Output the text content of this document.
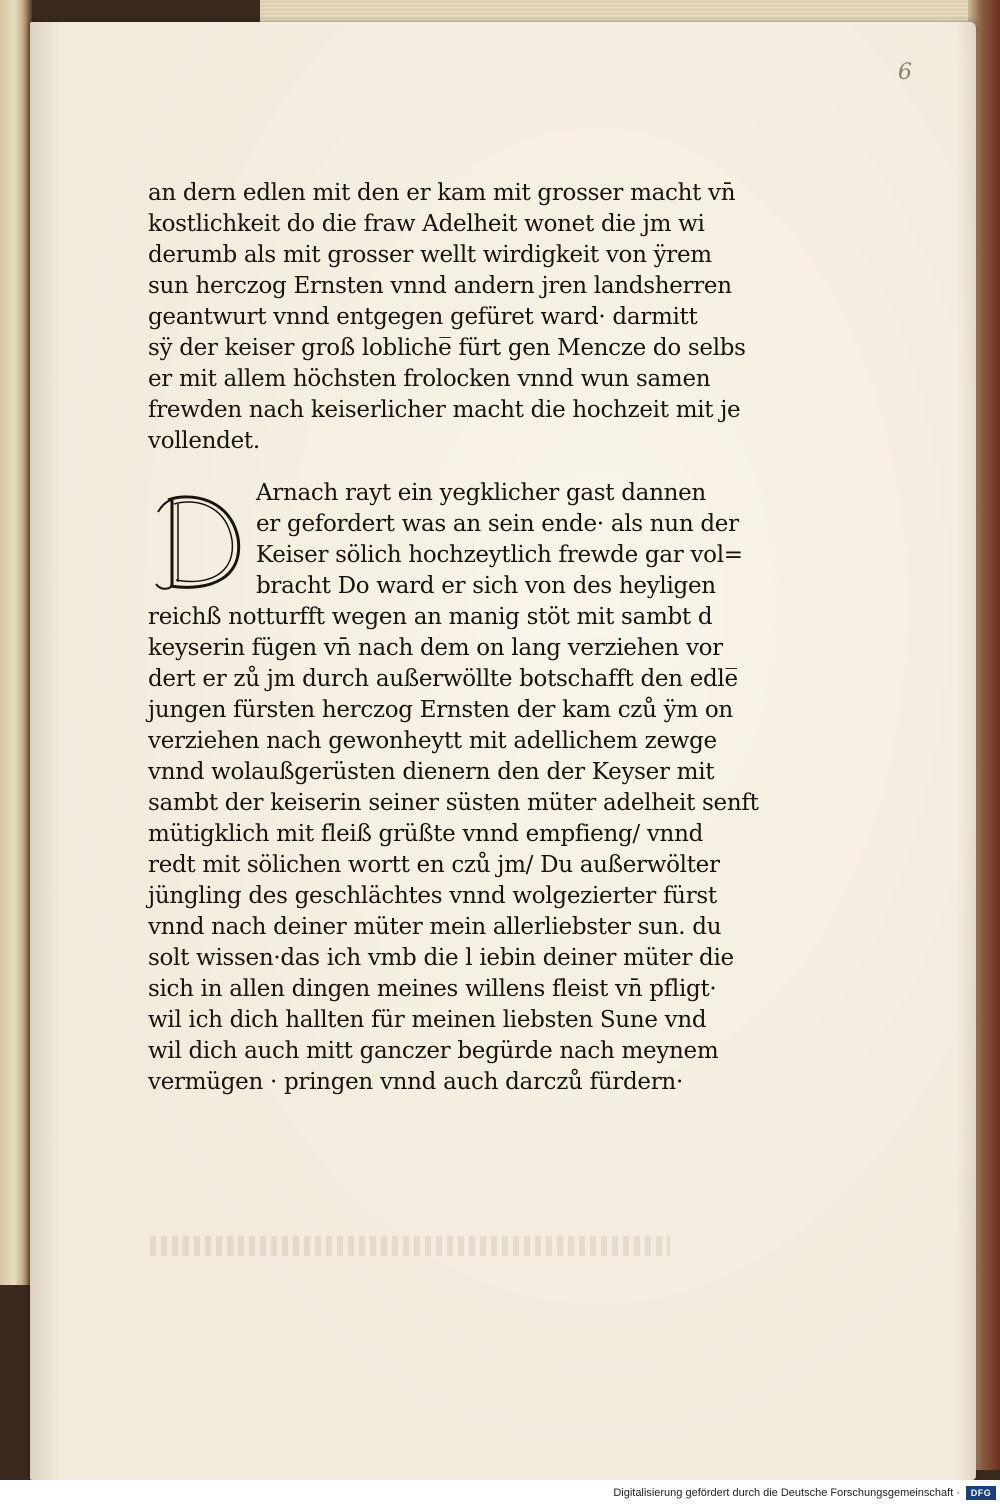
6
an dern edlen mit den er kam mit grosser macht vn̄
kostlichkeit do die fraw Adelheit wonet die jm wi
derumb als mit grosser wellt wirdigkeit von ÿrem
sun herczog Ernsten vnnd andern jren landsherren
geantwurt vnnd entgegen gefüret ward· darmitt
sÿ der keiser groß lobliche̅ fürt gen Mencze do selbs
er mit allem höchsten frolocken vnnd wun samen
frewden nach keiserlicher macht die hochzeit mit je
vollendet.
Arnach rayt ein yegklicher gast dannen
er gefordert was an sein ende· als nun der
Keiser sölich hochzeytlich frewde gar vol=
bracht Do ward er sich von des heyligen
reichß notturfft wegen an manig stöt mit sambt d
keyserin fügen vn̄ nach dem on lang verziehen vor
dert er zů jm durch außerwöllte botschafft den edle̅
jungen fürsten herczog Ernsten der kam czů ÿm on
verziehen nach gewonheytt mit adellichem zewge
vnnd wolaußgerüsten dienern den der Keyser mit
sambt der keiserin seiner süsten müter adelheit senft
mütigklich mit fleiß grüßte vnnd empfieng/ vnnd
redt mit sölichen wortt en czů jm/ Du außerwölter
jüngling des geschlächtes vnnd wolgezierter fürst
vnnd nach deiner müter mein allerliebster sun. du
solt wissen·das ich vmb die l iebin deiner müter die
sich in allen dingen meines willens fleist vn̄ pfligt·
wil ich dich hallten für meinen liebsten Sune vnd
wil dich auch mitt ganczer begürde nach meynem
vermügen · pringen vnnd auch darczů fürdern·
Digitalisierung gefördert durch die Deutsche Forschungsgemeinschaft ·	DFG
